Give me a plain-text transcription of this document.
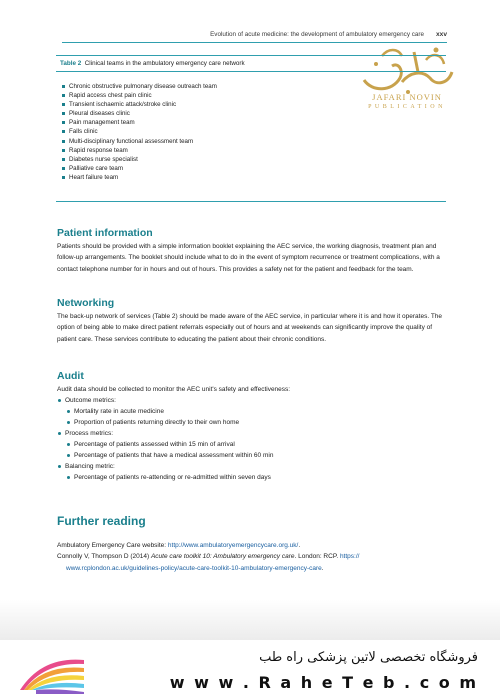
Evolution of acute medicine: the development of ambulatory emergency care xxv
JAFARI NOVIN
PUBLICATION
Table 2 Clinical teams in the ambulatory emergency care network
Chronic obstructive pulmonary disease outreach team
Rapid access chest pain clinic
Transient ischaemic attack/stroke clinic
Pleural diseases clinic
Pain management team
Falls clinic
Multi-disciplinary functional assessment team
Rapid response team
Diabetes nurse specialist
Palliative care team
Heart failure team
Patient information

Patients should be provided with a simple information booklet explaining the AEC service, the working diagnosis, treatment plan and follow-up arrangements. The booklet should include what to do in the event of symptom recurrence or treatment complications, with a contact telephone number for in hours and out of hours. This provides a safety net for the patient and feedback for the team.

Networking

The back-up network of services (Table 2) should be made aware of the AEC service, in particular where it is and how it operates. The option of being able to make direct patient referrals especially out of hours and at weekends can significantly improve the quality of patient care. These services contribute to educating the patient about their chronic conditions.

Audit

Audit data should be collected to monitor the AEC unit's safety and effectiveness:

Outcome metrics:
Mortality rate in acute medicine
Proportion of patients returning directly to their own home
Process metrics:
Percentage of patients assessed within 15 min of arrival
Percentage of patients that have a medical assessment within 60 min
Balancing metric:
Percentage of patients re-attending or re-admitted within seven days
Further reading
Ambulatory Emergency Care website: http://www.ambulatoryemergencycare.org.uk/.
Connolly V, Thompson D (2014) Acute care toolkit 10: Ambulatory emergency care. London: RCP. https://
www.rcplondon.ac.uk/guidelines-policy/acute-care-toolkit-10-ambulatory-emergency-care.
فروشگاه تخصصی لاتین پزشکی راه طب
w w w . R a h e T e b . c o m
